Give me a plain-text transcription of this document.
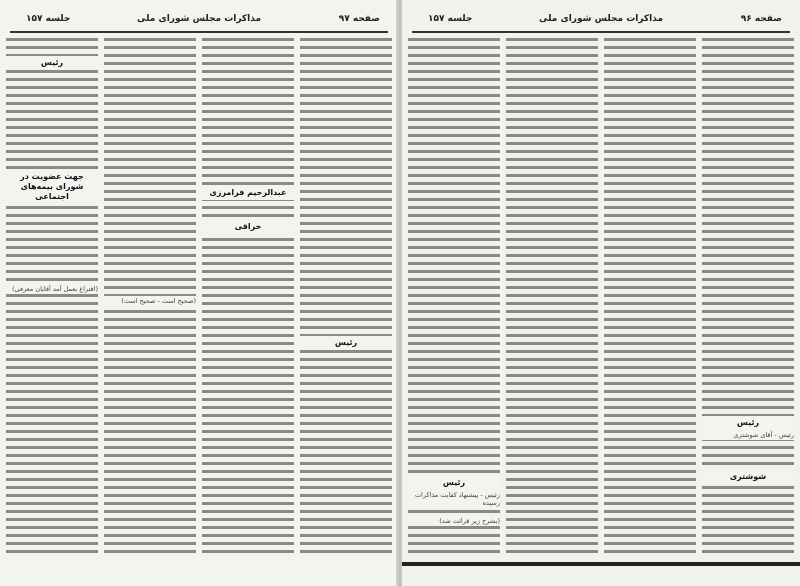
صفحه ۹۷
مذاکرات مجلس شورای ملی
جلسه ۱۵۷
رئیس
عبدالرحیم فرامرزی
خراقی
(صحیح است - صحیح است)
رئیس
جهت عضویت در شورای بیمه‌های اجتماعی
(اقتراع بعمل آمد آقایان معرفی)
صفحه ۹۶
مذاکرات مجلس شورای ملی
جلسه ۱۵۷
رئیس
رئیس - آقای شوشتری
شوشتری
رئیس
رئیس - پیشنهاد کفایت مذاکرات رسیده
(بشرح زیر قرائت شد)
